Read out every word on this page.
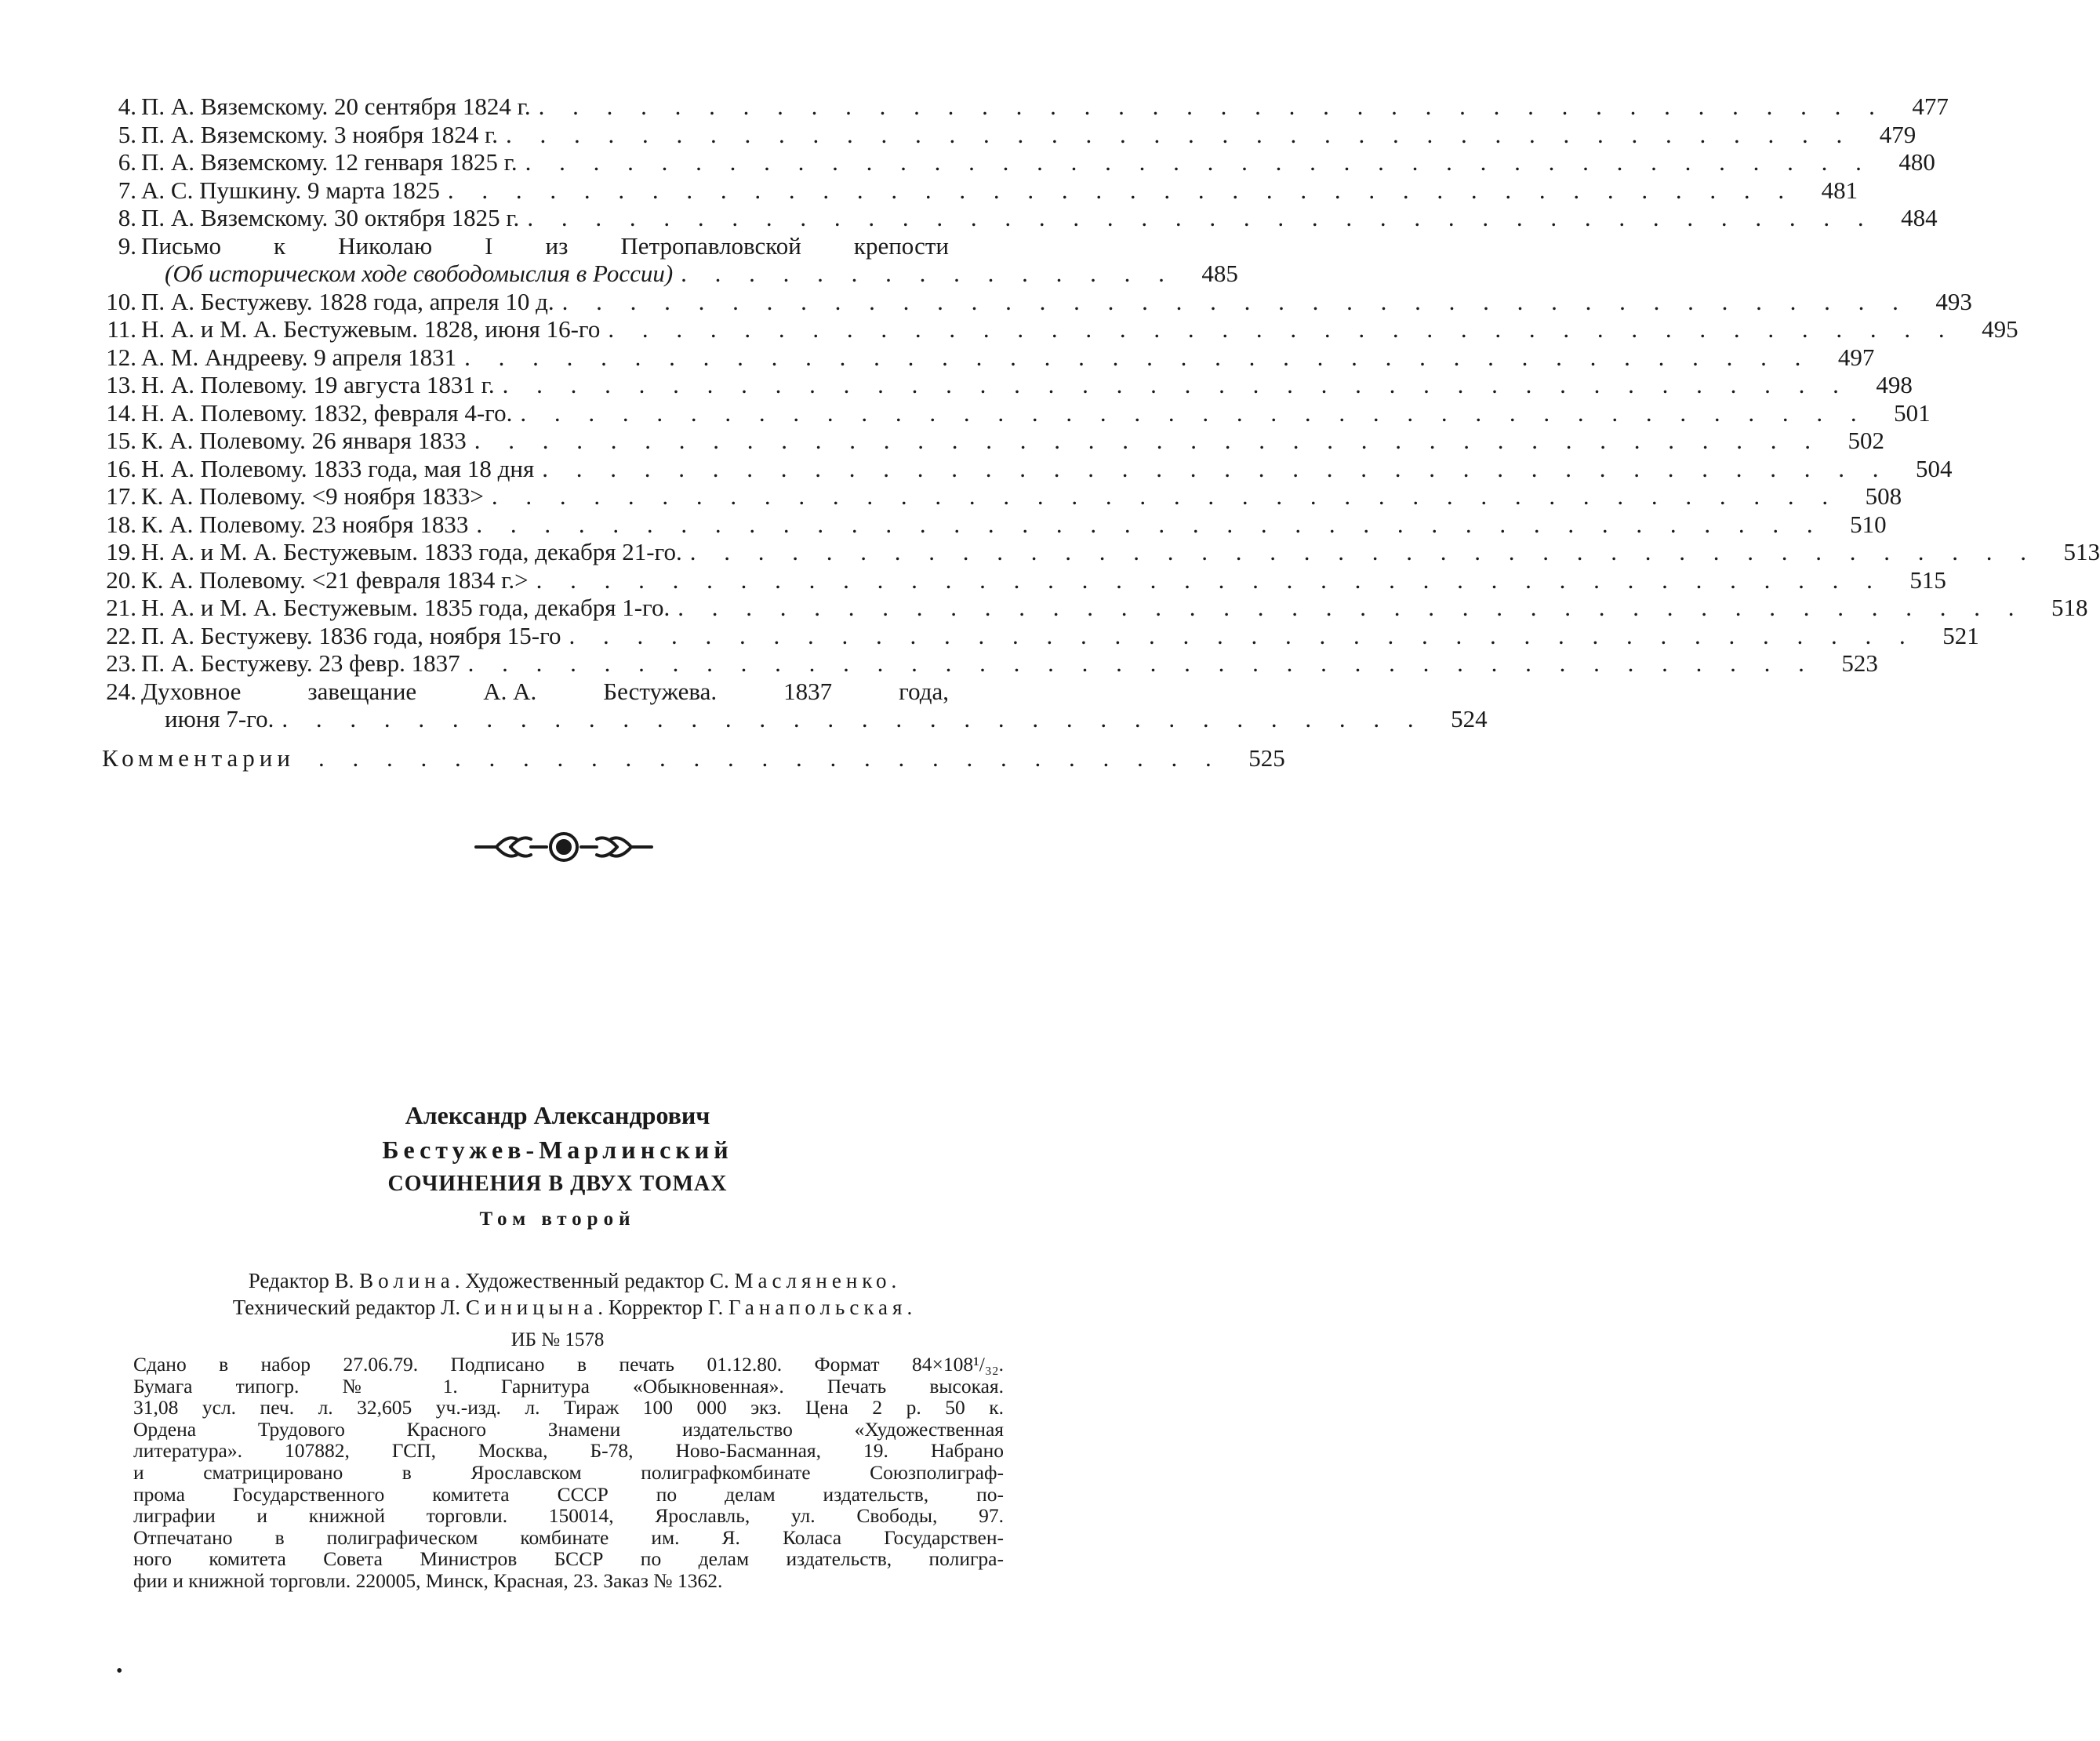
4. П. А. Вяземскому. 20 сентября 1824 г. . . . . . . . . . . . . . . . . . . . . . . . . . . . . . . . . . . . . . . . .	477
5. П. А. Вяземскому. 3 ноября 1824 г. . . . . . . . . . . . . . . . . . . . . . . . . . . . . . . . . . . . . . . . .	479
6. П. А. Вяземскому. 12 генваря 1825 г. . . . . . . . . . . . . . . . . . . . . . . . . . . . . . . . . . . . . . . . .	480
7. А. С. Пушкину. 9 марта 1825 . . . . . . . . . . . . . . . . . . . . . . . . . . . . . . . . . . . . . . . .	481
8. П. А. Вяземскому. 30 октября 1825 г. . . . . . . . . . . . . . . . . . . . . . . . . . . . . . . . . . . . . . . . .	484
9. Письмо к Николаю I из Петропавловской крепости
(Об историческом ходе свободомыслия в России) . . . . . . . . . . . . . . .	485
10. П. А. Бестужеву. 1828 года, апреля 10 д. . . . . . . . . . . . . . . . . . . . . . . . . . . . . . . . . . . . . . . . .	493
11. Н. А. и М. А. Бестужевым. 1828, июня 16-го . . . . . . . . . . . . . . . . . . . . . . . . . . . . . . . . . . . . . . . .	495
12. А. М. Андрееву. 9 апреля 1831 . . . . . . . . . . . . . . . . . . . . . . . . . . . . . . . . . . . . . . . .	497
13. Н. А. Полевому. 19 августа 1831 г. . . . . . . . . . . . . . . . . . . . . . . . . . . . . . . . . . . . . . . . .	498
14. Н. А. Полевому. 1832, февраля 4-го. . . . . . . . . . . . . . . . . . . . . . . . . . . . . . . . . . . . . . . . .	501
15. К. А. Полевому. 26 января 1833 . . . . . . . . . . . . . . . . . . . . . . . . . . . . . . . . . . . . . . . .	502
16. Н. А. Полевому. 1833 года, мая 18 дня . . . . . . . . . . . . . . . . . . . . . . . . . . . . . . . . . . . . . . . .	504
17. К. А. Полевому. <9 ноября 1833> . . . . . . . . . . . . . . . . . . . . . . . . . . . . . . . . . . . . . . . .	508
18. К. А. Полевому. 23 ноября 1833 . . . . . . . . . . . . . . . . . . . . . . . . . . . . . . . . . . . . . . . .	510
19. Н. А. и М. А. Бестужевым. 1833 года, декабря 21-го. . . . . . . . . . . . . . . . . . . . . . . . . . . . . . . . . . . . . . . . .	513
20. К. А. Полевому. <21 февраля 1834 г.> . . . . . . . . . . . . . . . . . . . . . . . . . . . . . . . . . . . . . . . .	515
21. Н. А. и М. А. Бестужевым. 1835 года, декабря 1-го. . . . . . . . . . . . . . . . . . . . . . . . . . . . . . . . . . . . . . . . .	518
22. П. А. Бестужеву. 1836 года, ноября 15-го . . . . . . . . . . . . . . . . . . . . . . . . . . . . . . . . . . . . . . . .	521
23. П. А. Бестужеву. 23 февр. 1837 . . . . . . . . . . . . . . . . . . . . . . . . . . . . . . . . . . . . . . . .	523
24. Духовное	завещание	А. А.	Бестужева.	1837	года,
июня 7-го. . . . . . . . . . . . . . . . . . . . . . . . . . . . . . . . . . .	524
Комментарии . . . . . . . . . . . . . . . . . . . . . . . . . . .	525
Александр Александрович
Бестужев-Марлинский
СОЧИНЕНИЯ В ДВУХ ТОМАХ
Том второй
Редактор В. Волина. Художественный редактор С. Масляненко.
Технический редактор Л. Синицына. Корректор Г. Ганапольская.
ИБ № 1578
Сдано в набор 27.06.79. Подписано в печать 01.12.80. Формат 84×108¹/₃₂.
Бумага типогр. № 1. Гарнитура «Обыкновенная». Печать высокая.
31,08 усл. печ. л. 32,605 уч.-изд. л. Тираж 100 000 экз. Цена 2 р. 50 к.
Ордена Трудового Красного Знамени издательство «Художественная
литература». 107882, ГСП, Москва, Б-78, Ново-Басманная, 19. Набрано
и сматрицировано в Ярославском полиграфкомбинате Союзполиграф-
прома Государственного комитета СССР по делам издательств, по-
лиграфии и книжной торговли. 150014, Ярославль, ул. Свободы, 97.
Отпечатано в полиграфическом комбинате им. Я. Коласа Государствен-
ного комитета Совета Министров БССР по делам издательств, полигра-
фии и книжной торговли. 220005, Минск, Красная, 23. Заказ № 1362.
•
